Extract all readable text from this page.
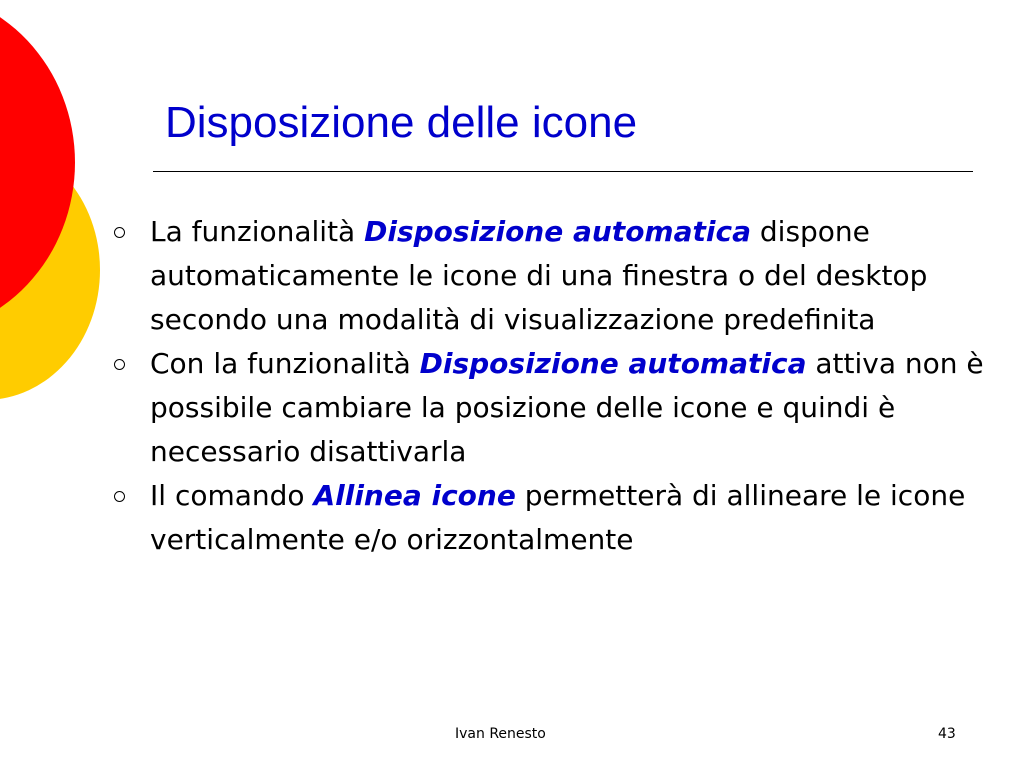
Disposizione delle icone
La funzionalità Disposizione automatica dispone automaticamente le icone di una finestra o del desktop secondo una modalità di visualizzazione predefinita
Con la funzionalità Disposizione automatica attiva non è possibile cambiare la posizione delle icone e quindi è necessario disattivarla
Il comando Allinea icone permetterà di allineare le icone verticalmente e/o orizzontalmente
Ivan Renesto	43
